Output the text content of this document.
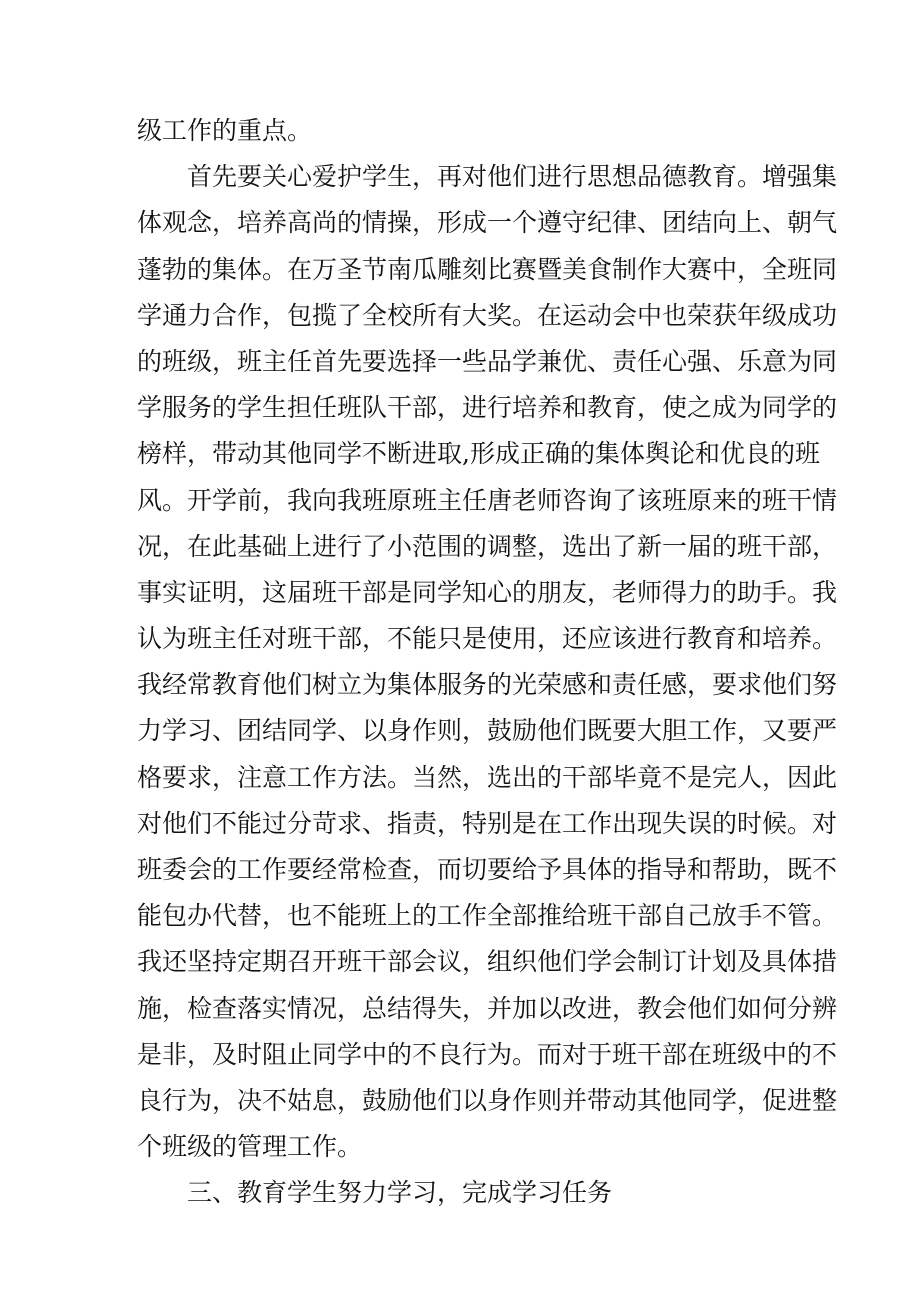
级工作的重点。
首先要关心爱护学生，再对他们进行思想品德教育。增强集
体观念，培养高尚的情操，形成一个遵守纪律、团结向上、朝气
蓬勃的集体。在万圣节南瓜雕刻比赛暨美食制作大赛中，全班同
学通力合作，包揽了全校所有大奖。在运动会中也荣获年级成功
的班级，班主任首先要选择一些品学兼优、责任心强、乐意为同
学服务的学生担任班队干部，进行培养和教育，使之成为同学的
榜样，带动其他同学不断进取,形成正确的集体舆论和优良的班
风。开学前，我向我班原班主任唐老师咨询了该班原来的班干情
况，在此基础上进行了小范围的调整，选出了新一届的班干部，
事实证明，这届班干部是同学知心的朋友，老师得力的助手。我
认为班主任对班干部，不能只是使用，还应该进行教育和培养。
我经常教育他们树立为集体服务的光荣感和责任感，要求他们努
力学习、团结同学、以身作则，鼓励他们既要大胆工作，又要严
格要求，注意工作方法。当然，选出的干部毕竟不是完人，因此
对他们不能过分苛求、指责，特别是在工作出现失误的时候。对
班委会的工作要经常检查，而切要给予具体的指导和帮助，既不
能包办代替，也不能班上的工作全部推给班干部自己放手不管。
我还坚持定期召开班干部会议，组织他们学会制订计划及具体措
施，检查落实情况，总结得失，并加以改进，教会他们如何分辨
是非，及时阻止同学中的不良行为。而对于班干部在班级中的不
良行为，决不姑息，鼓励他们以身作则并带动其他同学，促进整
个班级的管理工作。
三、教育学生努力学习，完成学习任务
